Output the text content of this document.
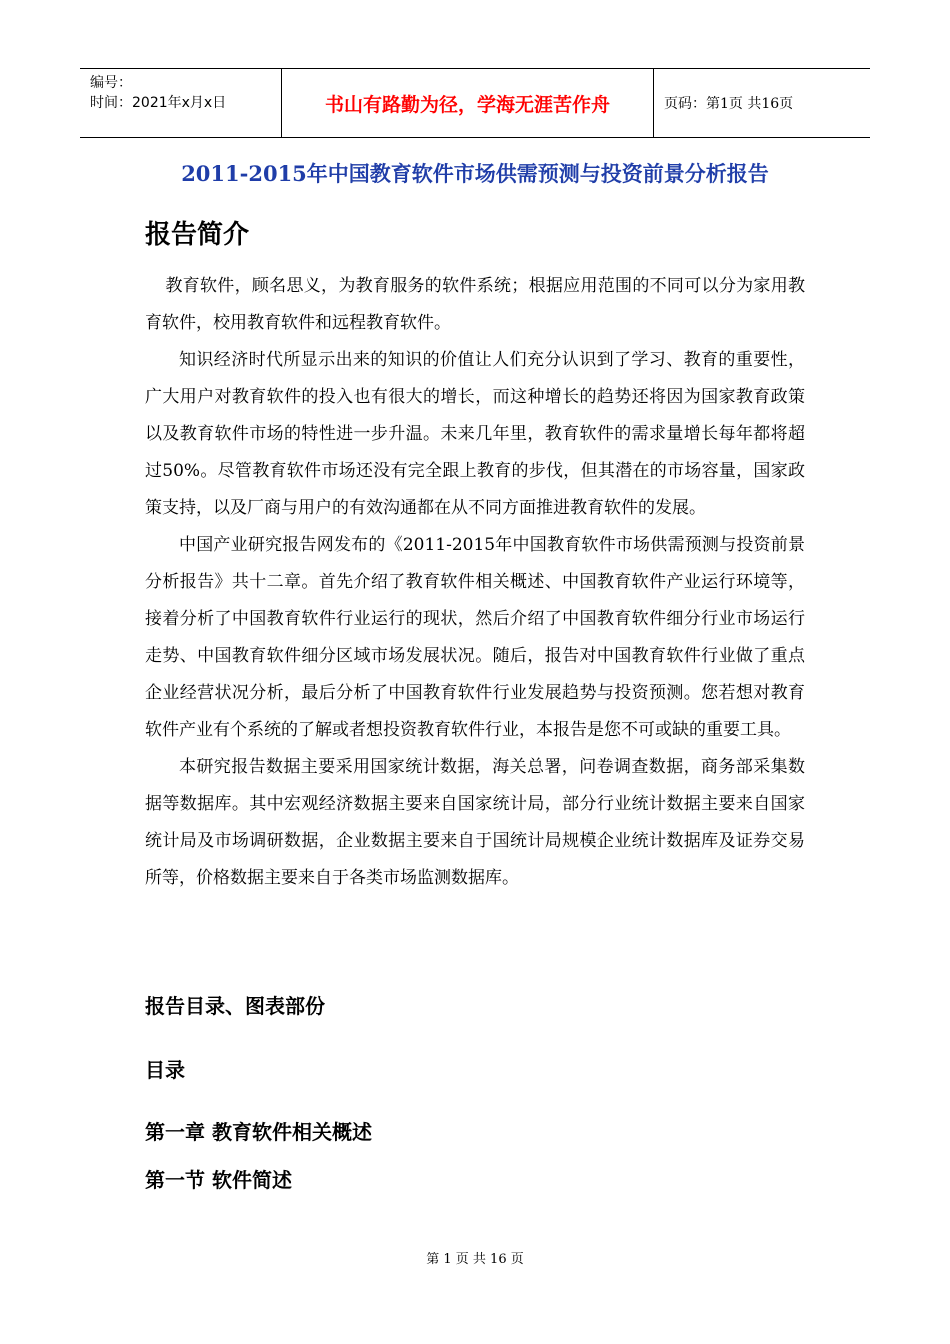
编号：
时间：2021年x月x日	书山有路勤为径，学海无涯苦作舟	页码：第1页 共16页
2011-2015年中国教育软件市场供需预测与投资前景分析报告
报告简介

教育软件，顾名思义，为教育服务的软件系统；根据应用范围的不同可以分为家用教育软件，校用教育软件和远程教育软件。

知识经济时代所显示出来的知识的价值让人们充分认识到了学习、教育的重要性，广大用户对教育软件的投入也有很大的增长，而这种增长的趋势还将因为国家教育政策以及教育软件市场的特性进一步升温。未来几年里，教育软件的需求量增长每年都将超过50%。尽管教育软件市场还没有完全跟上教育的步伐，但其潜在的市场容量，国家政策支持，以及厂商与用户的有效沟通都在从不同方面推进教育软件的发展。

中国产业研究报告网发布的《2011-2015年中国教育软件市场供需预测与投资前景分析报告》共十二章。首先介绍了教育软件相关概述、中国教育软件产业运行环境等，接着分析了中国教育软件行业运行的现状，然后介绍了中国教育软件细分行业市场运行走势、中国教育软件细分区域市场发展状况。随后，报告对中国教育软件行业做了重点企业经营状况分析，最后分析了中国教育软件行业发展趋势与投资预测。您若想对教育软件产业有个系统的了解或者想投资教育软件行业，本报告是您不可或缺的重要工具。

本研究报告数据主要采用国家统计数据，海关总署，问卷调查数据，商务部采集数据等数据库。其中宏观经济数据主要来自国家统计局，部分行业统计数据主要来自国家统计局及市场调研数据，企业数据主要来自于国统计局规模企业统计数据库及证券交易所等，价格数据主要来自于各类市场监测数据库。

报告目录、图表部份
目录
第一章 教育软件相关概述
第一节 软件简述
第 1 页 共 16 页
